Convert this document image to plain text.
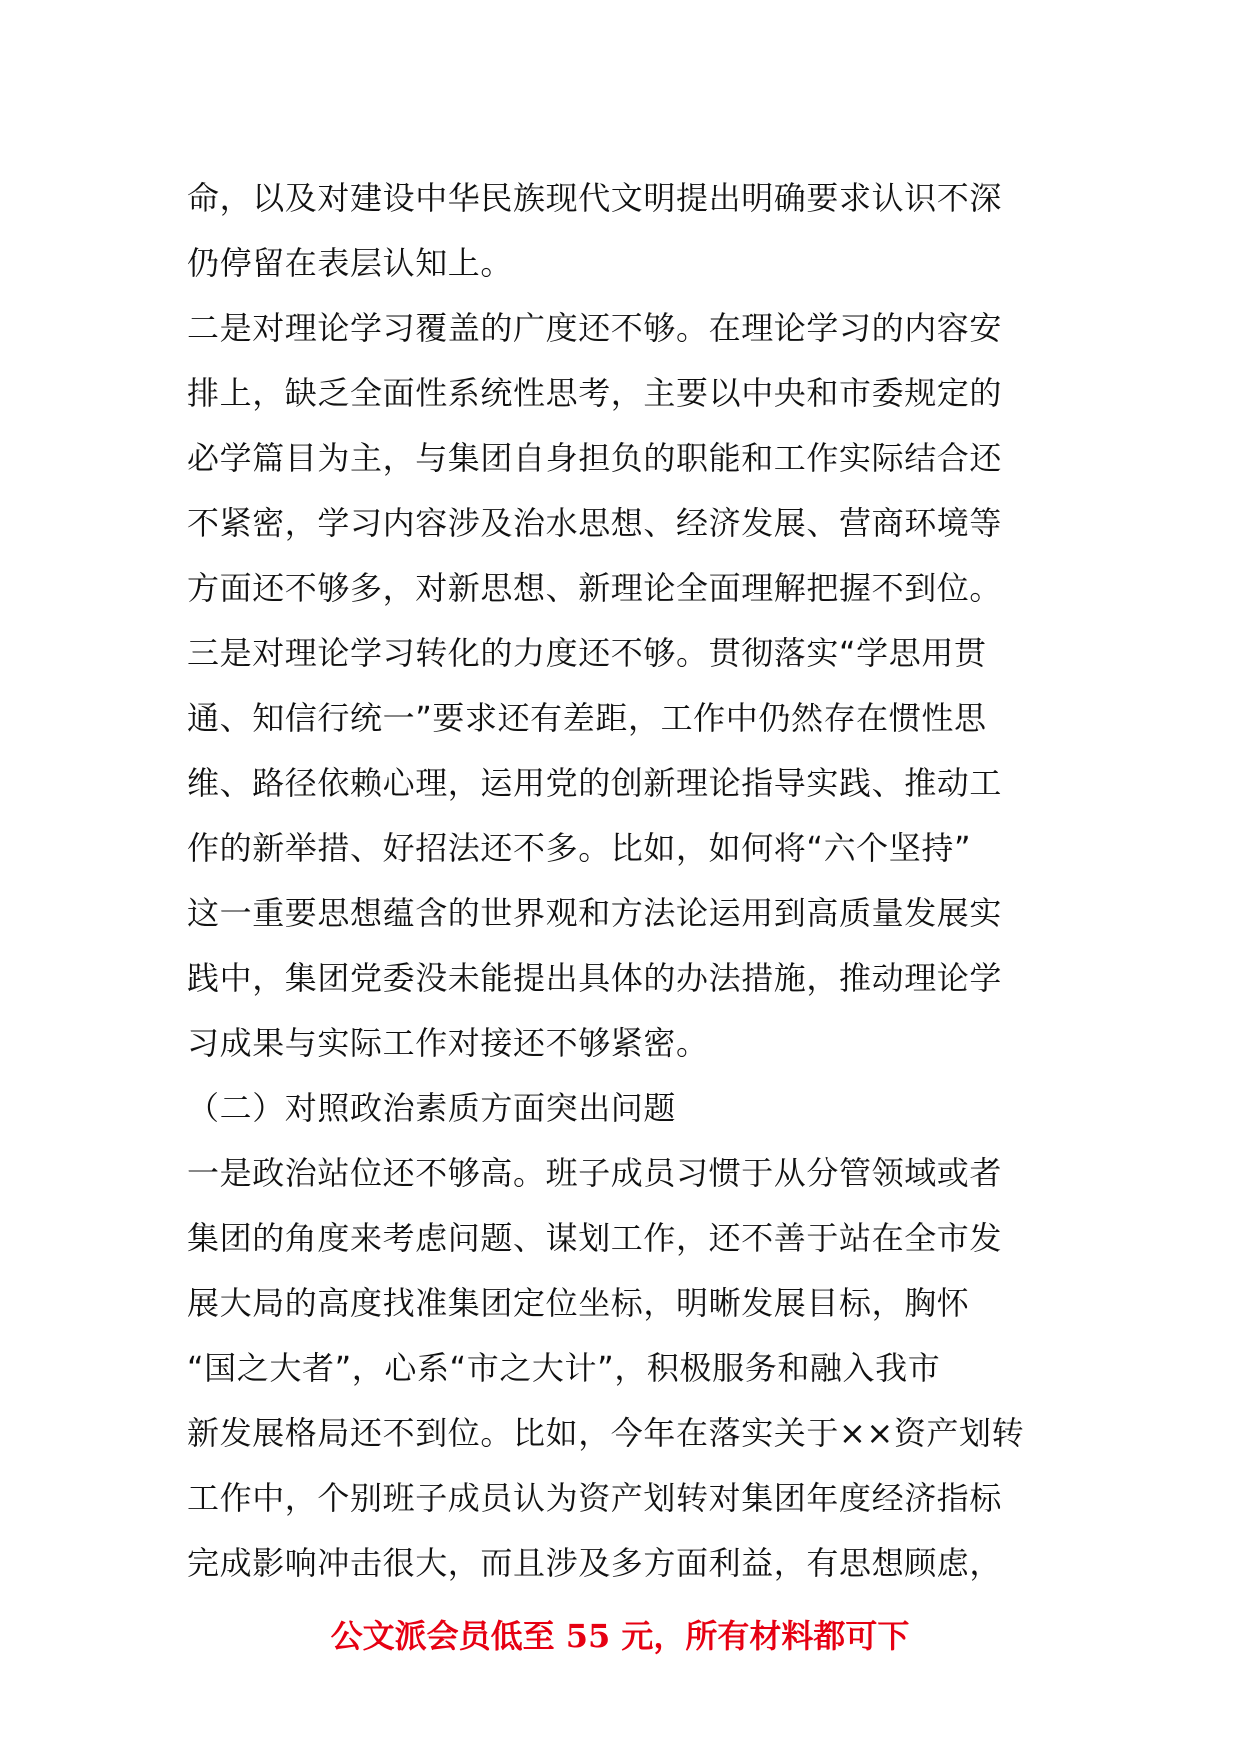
命，以及对建设中华民族现代文明提出明确要求认识不深
仍停留在表层认知上。
二是对理论学习覆盖的广度还不够。在理论学习的内容安
排上，缺乏全面性系统性思考，主要以中央和市委规定的
必学篇目为主，与集团自身担负的职能和工作实际结合还
不紧密，学习内容涉及治水思想、经济发展、营商环境等
方面还不够多，对新思想、新理论全面理解把握不到位。
三是对理论学习转化的力度还不够。贯彻落实“学思用贯
通、知信行统一”要求还有差距，工作中仍然存在惯性思
维、路径依赖心理，运用党的创新理论指导实践、推动工
作的新举措、好招法还不多。比如，如何将“六个坚持”
这一重要思想蕴含的世界观和方法论运用到高质量发展实
践中，集团党委没未能提出具体的办法措施，推动理论学
习成果与实际工作对接还不够紧密。
（二）对照政治素质方面突出问题
一是政治站位还不够高。班子成员习惯于从分管领域或者
集团的角度来考虑问题、谋划工作，还不善于站在全市发
展大局的高度找准集团定位坐标，明晰发展目标，胸怀
“国之大者”，心系“市之大计”，积极服务和融入我市
新发展格局还不到位。比如，今年在落实关于××资产划转
工作中，个别班子成员认为资产划转对集团年度经济指标
完成影响冲击很大，而且涉及多方面利益，有思想顾虑，
公文派会员低至 55 元，所有材料都可下
